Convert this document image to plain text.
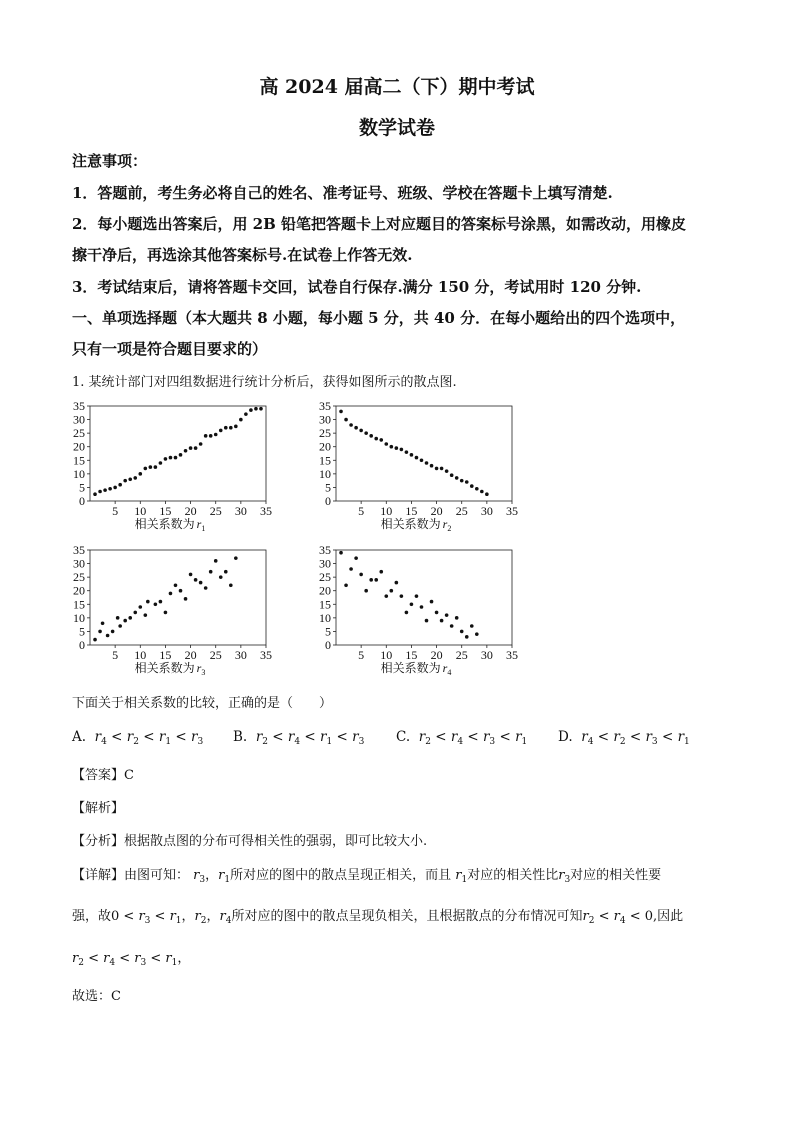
高 2024 届高二（下）期中考试
数学试卷
注意事项：
1．答题前，考生务必将自己的姓名、准考证号、班级、学校在答题卡上填写清楚.
2．每小题选出答案后，用 2B 铅笔把答题卡上对应题目的答案标号涂黑，如需改动，用橡皮
擦干净后，再选涂其他答案标号.在试卷上作答无效.
3．考试结束后，请将答题卡交回，试卷自行保存.满分 150 分，考试用时 120 分钟.
一、单项选择题（本大题共 8 小题，每小题 5 分，共 40 分．在每小题给出的四个选项中，
只有一项是符合题目要求的）
1. 某统计部门对四组数据进行统计分析后，获得如图所示的散点图.
0
5
10
15
20
25
30
35
5 10 15 20 25 30 35
相关系数为 $r_1$
0
5
10
15
20
25
30
35
5 10 15 20 25 30 35
相关系数为 $r_2$
0
5
10
15
20
25
30
35
5 10 15 20 25 30 35
相关系数为 $r_3$
0
5
10
15
20
25
30
35
5 10 15 20 25 30 35
相关系数为 $r_4$
下面关于相关系数的比较，正确的是（　　）
A. $r_4 < r_2 < r_1 < r_3$ B. $r_2 < r_4 < r_1 < r_3$ C. $r_2 < r_4 < r_3 < r_1$ D. $r_4 < r_2 < r_3 < r_1$
【答案】C
【解析】
【分析】根据散点图的分布可得相关性的强弱，即可比较大小.
【详解】由图可知： $r_3$，$r_1$所对应的图中的散点呈现正相关，而且 $r_1$对应的相关性比$r_3$对应的相关性要
强，故$0 < r_3 < r_1$，$r_2$，$r_4$所对应的图中的散点呈现负相关，且根据散点的分布情况可知$r_2 < r_4 < 0$,因此
$r_2 < r_4 < r_3 < r_1$，
故选：C
